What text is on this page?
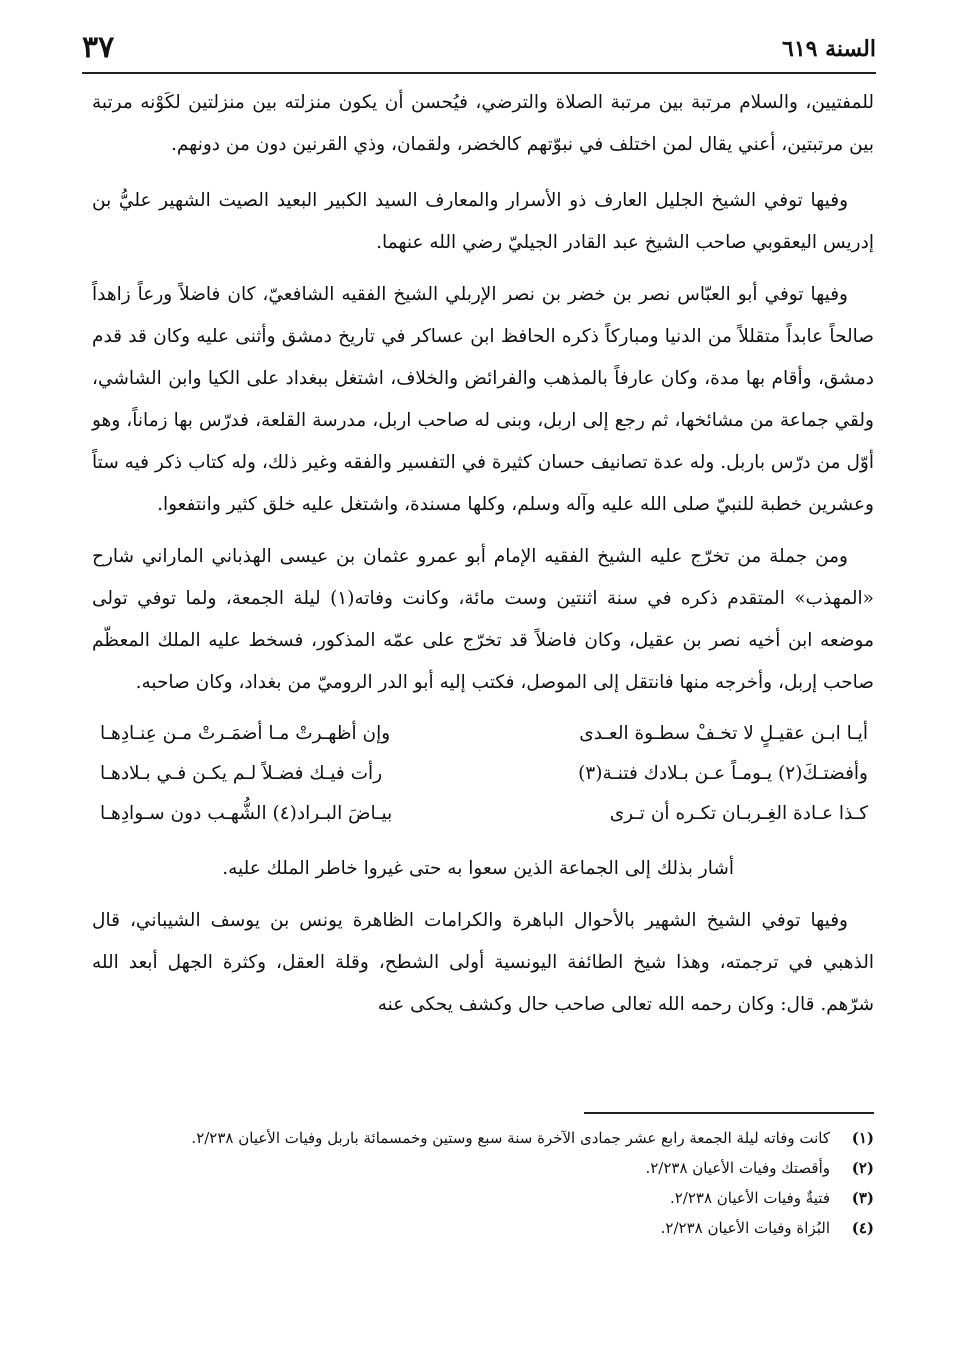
السنة ٦١٩
٣٧

للمفتيين، والسلام مرتبة بين مرتبة الصلاة والترضي، فيُحسن أن يكون منزلته بين منزلتين لكَوْنه مرتبة بين مرتبتين، أعني يقال لمن اختلف في نبوّتهم كالخضر، ولقمان، وذي القرنين دون من دونهم.

وفيها توفي الشيخ الجليل العارف ذو الأسرار والمعارف السيد الكبير البعيد الصيت الشهير عليُّ بن إدريس اليعقوبي صاحب الشيخ عبد القادر الجيليّ رضي الله عنهما.

وفيها توفي أبو العبّاس نصر بن خضر بن نصر الإربلي الشيخ الفقيه الشافعيّ، كان فاضلاً ورعاً زاهداً صالحاً عابداً متقللاً من الدنيا ومباركاً ذكره الحافظ ابن عساكر في تاريخ دمشق وأثنى عليه وكان قد قدم دمشق، وأقام بها مدة، وكان عارفاً بالمذهب والفرائض والخلاف، اشتغل ببغداد على الكيا وابن الشاشي، ولقي جماعة من مشائخها، ثم رجع إلى اربل، وبنى له صاحب اربل، مدرسة القلعة، فدرّس بها زماناً، وهو أوّل من درّس باربل. وله عدة تصانيف حسان كثيرة في التفسير والفقه وغير ذلك، وله كتاب ذكر فيه ستاً وعشرين خطبة للنبيّ صلى الله عليه وآله وسلم، وكلها مسندة، واشتغل عليه خلق كثير وانتفعوا.

ومن جملة من تخرّج عليه الشيخ الفقيه الإمام أبو عمرو عثمان بن عيسى الهذباني الماراني شارح «المهذب» المتقدم ذكره في سنة اثنتين وست مائة، وكانت وفاته(١) ليلة الجمعة، ولما توفي تولى موضعه ابن أخيه نصر بن عقيل، وكان فاضلاً قد تخرّج على عمّه المذكور، فسخط عليه الملك المعظّم صاحب إربل، وأخرجه منها فانتقل إلى الموصل، فكتب إليه أبو الدر الروميّ من بغداد، وكان صاحبه.

أيـا ابـن عقيـلٍ لا تخـفْ سطـوة العـدى	وإن أظهـرتْ مـا أضمَـرتْ مـن عِنـادِهـا
وأفضتـكَ(٢) يـومـاً عـن بـلادك فتنـة(٣)	رأت فيـك فضـلاً لـم يكـن فـي بـلادهـا
كـذا عـادة الغِـربـان تكـره أن تـرى	بيـاضَ البـراد(٤) الشُّهـب دون سـوادِهـا

أشار بذلك إلى الجماعة الذين سعوا به حتى غيروا خاطر الملك عليه.

وفيها توفي الشيخ الشهير بالأحوال الباهرة والكرامات الظاهرة يونس بن يوسف الشيباني، قال الذهبي في ترجمته، وهذا شيخ الطائفة اليونسية أولى الشطح، وقلة العقل، وكثرة الجهل أبعد الله شرّهم. قال: وكان رحمه الله تعالى صاحب حال وكشف يحكى عنه

(١)
كانت وفاته ليلة الجمعة رابع عشر جمادى الآخرة سنة سبع وستين وخمسمائة باربل وفيات الأعيان ٢/٢٣٨.
(٢)
وأقصتك وفيات الأعيان ٢/٢٣٨.
(٣)
فتيةٌ وفيات الأعيان ٢/٢٣٨.
(٤)
البُزاة وفيات الأعيان ٢/٢٣٨.
